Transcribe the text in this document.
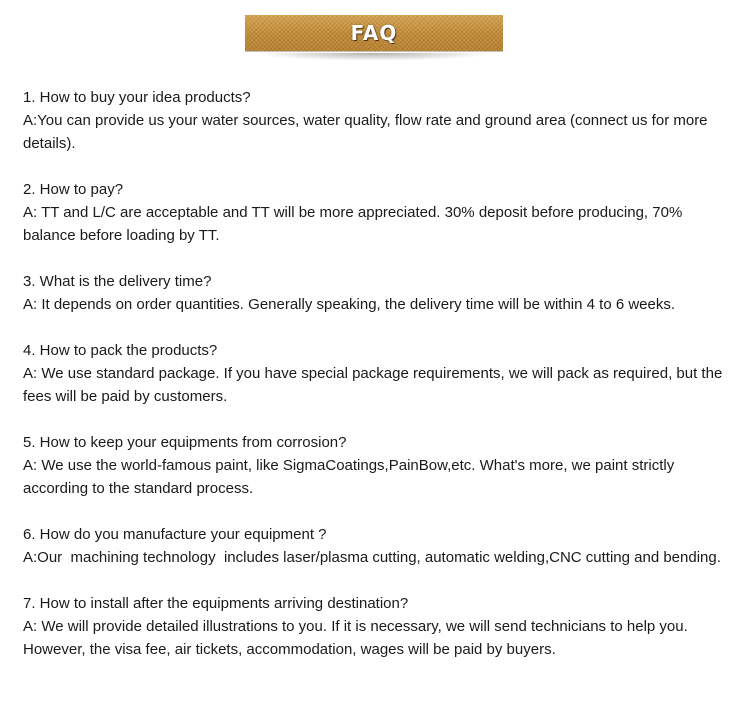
FAQ
1. How to buy your idea products?
A:You can provide us your water sources, water quality, flow rate and ground area (connect us for more details).
2. How to pay?
A: TT and L/C are acceptable and TT will be more appreciated. 30% deposit before producing, 70% balance before loading by TT.
3. What is the delivery time?
A: It depends on order quantities. Generally speaking, the delivery time will be within 4 to 6 weeks.
4. How to pack the products?
A: We use standard package. If you have special package requirements, we will pack as required, but the fees will be paid by customers.
5. How to keep your equipments from corrosion?
A: We use the world-famous paint, like SigmaCoatings,PainBow,etc. What's more, we paint strictly according to the standard process.
6. How do you manufacture your equipment ?
A:Our  machining technology  includes laser/plasma cutting, automatic welding,CNC cutting and bending.
7. How to install after the equipments arriving destination?
A: We will provide detailed illustrations to you. If it is necessary, we will send technicians to help you. However, the visa fee, air tickets, accommodation, wages will be paid by buyers.
